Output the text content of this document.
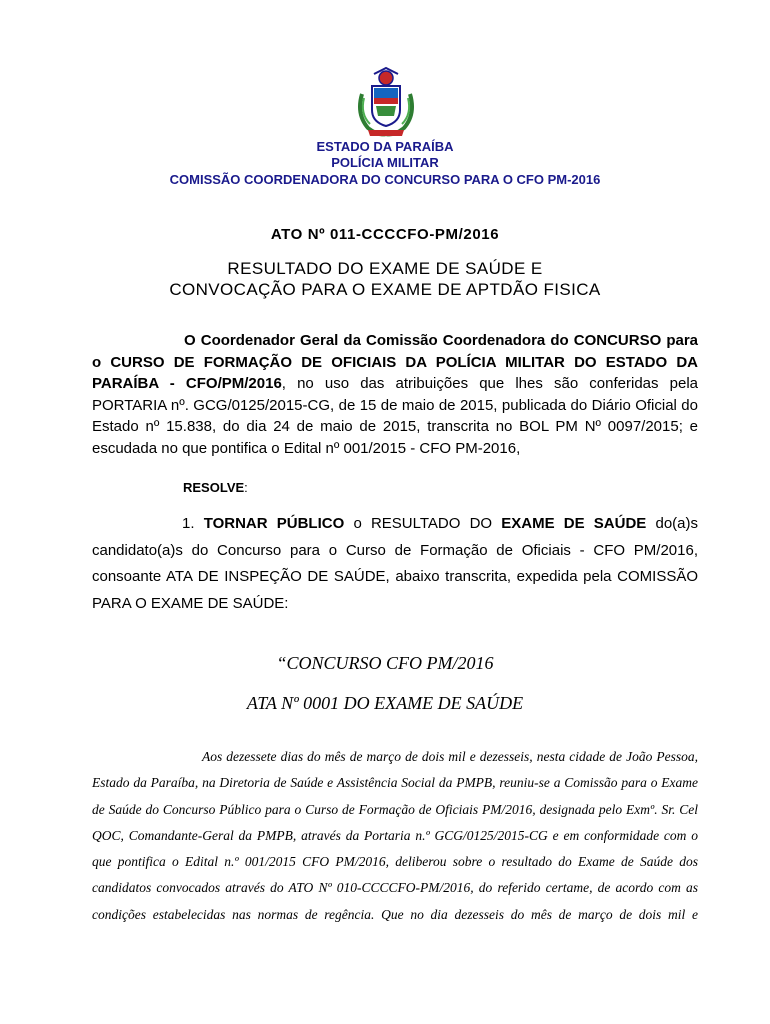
ESTADO DA PARAÍBA
POLÍCIA MILITAR
COMISSÃO COORDENADORA DO CONCURSO PARA O CFO PM-2016
ATO Nº 011-CCCCFO-PM/2016
RESULTADO DO EXAME DE SAÚDE E
CONVOCAÇÃO PARA O EXAME DE APTDÃO FISICA
O Coordenador Geral da Comissão Coordenadora do CONCURSO para o CURSO DE FORMAÇÃO DE OFICIAIS DA POLÍCIA MILITAR DO ESTADO DA PARAÍBA - CFO/PM/2016, no uso das atribuições que lhes são conferidas pela PORTARIA nº. GCG/0125/2015-CG, de 15 de maio de 2015, publicada do Diário Oficial do Estado nº 15.838, do dia 24 de maio de 2015, transcrita no BOL PM Nº 0097/2015; e escudada no que pontifica o Edital nº 001/2015 - CFO PM-2016,
RESOLVE:
1. TORNAR PÚBLICO o RESULTADO DO EXAME DE SAÚDE do(a)s candidato(a)s do Concurso para o Curso de Formação de Oficiais - CFO PM/2016, consoante ATA DE INSPEÇÃO DE SAÚDE, abaixo transcrita, expedida pela COMISSÃO PARA O EXAME DE SAÚDE:
“CONCURSO CFO PM/2016
ATA Nº 0001 DO EXAME DE SAÚDE
Aos dezessete dias do mês de março de dois mil e dezesseis, nesta cidade de João Pessoa, Estado da Paraíba, na Diretoria de Saúde e Assistência Social da PMPB, reuniu-se a Comissão para o Exame de Saúde do Concurso Público para o Curso de Formação de Oficiais PM/2016, designada pelo Exmº. Sr. Cel QOC, Comandante-Geral da PMPB, através da Portaria n.º GCG/0125/2015-CG e em conformidade com o que pontifica o Edital n.º 001/2015 CFO PM/2016, deliberou sobre o resultado do Exame de Saúde dos candidatos convocados através do ATO Nº 010-CCCCFO-PM/2016, do referido certame, de acordo com as condições estabelecidas nas normas de regência. Que no dia dezesseis do mês de março de dois mil e
